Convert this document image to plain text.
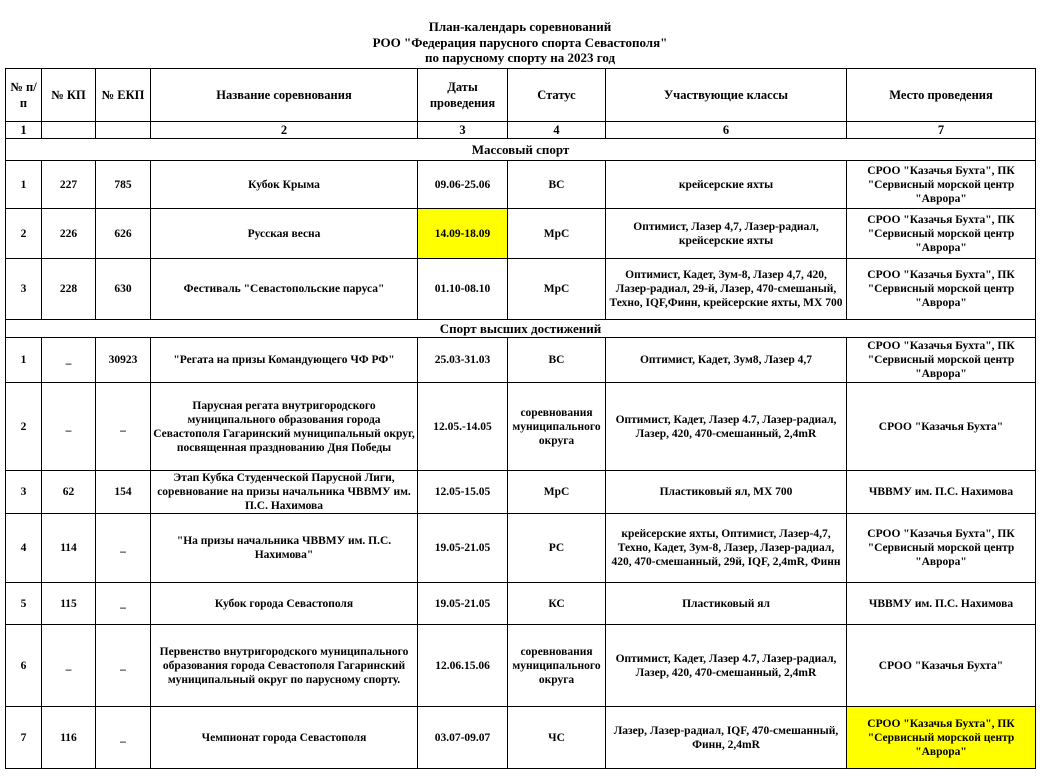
План-календарь соревнований
РОО "Федерация парусного спорта Севастополя"
по парусному спорту на 2023 год
№ п/п	№ КП	№ ЕКП	Название соревнования	Даты проведения	Статус	Участвующие классы	Место проведения
1			2	3	4	6	7
Массовый спорт							
1	227	785	Кубок Крыма	09.06-25.06	ВС	крейсерские яхты	СРОО "Казачья Бухта", ПК "Сервисный морской центр "Аврора"
2	226	626	Русская весна	14.09-18.09	МрС	Оптимист, Лазер 4,7, Лазер-радиал, крейсерские яхты	СРОО "Казачья Бухта", ПК "Сервисный морской центр "Аврора"
3	228	630	Фестиваль "Севастопольские паруса"	01.10-08.10	МрС	Оптимист, Кадет, Зум-8, Лазер 4,7, 420, Лазер-радиал, 29-й, Лазер, 470-смешаный, Техно, IQF,Финн, крейсерские яхты, МХ 700	СРОО "Казачья Бухта", ПК "Сервисный морской центр "Аврора"
Спорт высших достижений							
1	_	30923	"Регата на призы Командующего ЧФ РФ"	25.03-31.03	ВС	Оптимист, Кадет, Зум8, Лазер 4,7	СРОО "Казачья Бухта", ПК "Сервисный морской центр "Аврора"
2	_	_	Парусная регата внутригородского муниципального образования города Севастополя Гагаринский муниципальный округ, посвященная празднованию Дня Победы	12.05.-14.05	соревнования муниципального округа	Оптимист, Кадет, Лазер 4.7, Лазер-радиал, Лазер, 420, 470-смешанный, 2,4mR	СРОО "Казачья Бухта"
3	62	154	Этап Кубка Студенческой Парусной Лиги, соревнование на призы начальника ЧВВМУ им. П.С. Нахимова	12.05-15.05	МрС	Пластиковый ял, МХ 700	ЧВВМУ им. П.С. Нахимова
4	114	_	"На призы начальника ЧВВМУ им. П.С. Нахимова"	19.05-21.05	РС	крейсерские яхты, Оптимист, Лазер-4,7, Техно, Кадет, Зум-8, Лазер, Лазер-радиал, 420, 470-смешанный, 29й, IQF, 2,4mR, Финн	СРОО "Казачья Бухта", ПК "Сервисный морской центр "Аврора"
5	115	_	Кубок города Севастополя	19.05-21.05	КС	Пластиковый ял	ЧВВМУ им. П.С. Нахимова
6	_	_	Первенство внутригородского муниципального образования города Севастополя Гагаринский муниципальный округ по парусному спорту.	12.06.15.06	соревнования муниципального округа	Оптимист, Кадет, Лазер 4.7, Лазер-радиал, Лазер, 420, 470-смешанный, 2,4mR	СРОО "Казачья Бухта"
7	116	_	Чемпионат города Севастополя	03.07-09.07	ЧС	Лазер, Лазер-радиал, IQF, 470-смешанный, Финн, 2,4mR	СРОО "Казачья Бухта", ПК "Сервисный морской центр "Аврора"
